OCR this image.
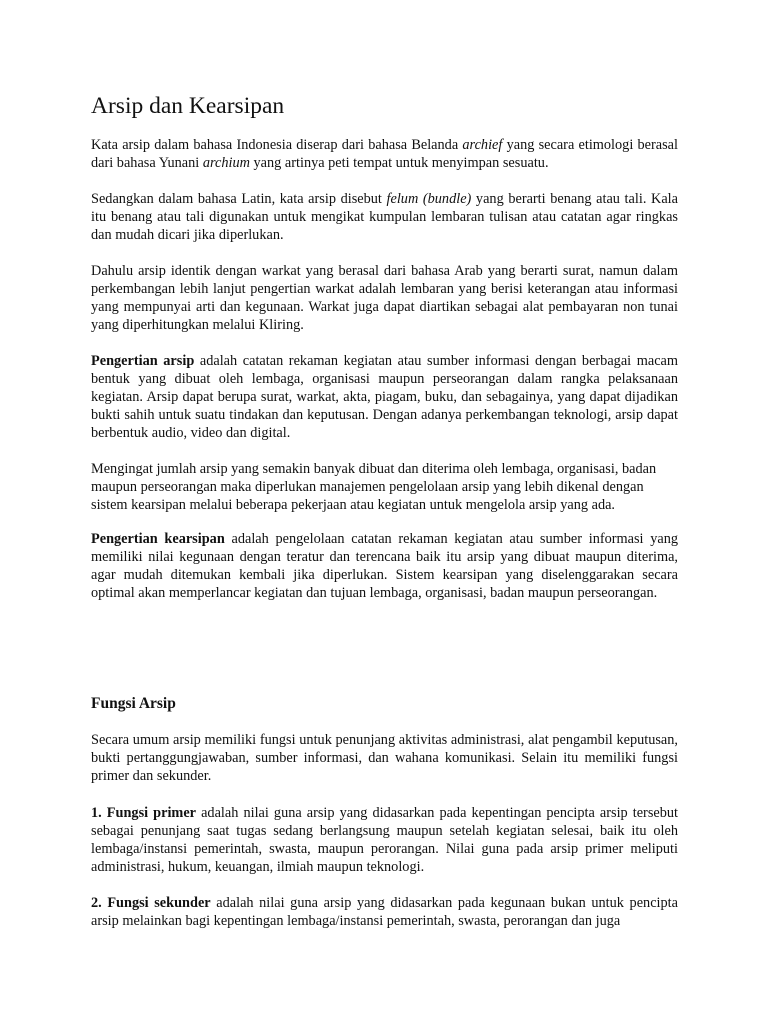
Arsip dan Kearsipan

Kata arsip dalam bahasa Indonesia diserap dari bahasa Belanda archief yang secara etimologi berasal dari bahasa Yunani archium yang artinya peti tempat untuk menyimpan sesuatu.

Sedangkan dalam bahasa Latin, kata arsip disebut felum (bundle) yang berarti benang atau tali. Kala itu benang atau tali digunakan untuk mengikat kumpulan lembaran tulisan atau catatan agar ringkas dan mudah dicari jika diperlukan.

Dahulu arsip identik dengan warkat yang berasal dari bahasa Arab yang berarti surat, namun dalam perkembangan lebih lanjut pengertian warkat adalah lembaran yang berisi keterangan atau informasi yang mempunyai arti dan kegunaan. Warkat juga dapat diartikan sebagai alat pembayaran non tunai yang diperhitungkan melalui Kliring.

Pengertian arsip adalah catatan rekaman kegiatan atau sumber informasi dengan berbagai macam bentuk yang dibuat oleh lembaga, organisasi maupun perseorangan dalam rangka pelaksanaan kegiatan. Arsip dapat berupa surat, warkat, akta, piagam, buku, dan sebagainya, yang dapat dijadikan bukti sahih untuk suatu tindakan dan keputusan. Dengan adanya perkembangan teknologi, arsip dapat berbentuk audio, video dan digital.

Mengingat jumlah arsip yang semakin banyak dibuat dan diterima oleh lembaga, organisasi, badan maupun perseorangan maka diperlukan manajemen pengelolaan arsip yang lebih dikenal dengan sistem kearsipan melalui beberapa pekerjaan atau kegiatan untuk mengelola arsip yang ada.

Pengertian kearsipan adalah pengelolaan catatan rekaman kegiatan atau sumber informasi yang memiliki nilai kegunaan dengan teratur dan terencana baik itu arsip yang dibuat maupun diterima, agar mudah ditemukan kembali jika diperlukan. Sistem kearsipan yang diselenggarakan secara optimal akan memperlancar kegiatan dan tujuan lembaga, organisasi, badan maupun perseorangan.

Fungsi Arsip

Secara umum arsip memiliki fungsi untuk penunjang aktivitas administrasi, alat pengambil keputusan, bukti pertanggungjawaban, sumber informasi, dan wahana komunikasi. Selain itu memiliki fungsi primer dan sekunder.

1. Fungsi primer adalah nilai guna arsip yang didasarkan pada kepentingan pencipta arsip tersebut sebagai penunjang saat tugas sedang berlangsung maupun setelah kegiatan selesai, baik itu oleh lembaga/instansi pemerintah, swasta, maupun perorangan. Nilai guna pada arsip primer meliputi administrasi, hukum, keuangan, ilmiah maupun teknologi.

2. Fungsi sekunder adalah nilai guna arsip yang didasarkan pada kegunaan bukan untuk pencipta arsip melainkan bagi kepentingan lembaga/instansi pemerintah, swasta, perorangan dan juga
